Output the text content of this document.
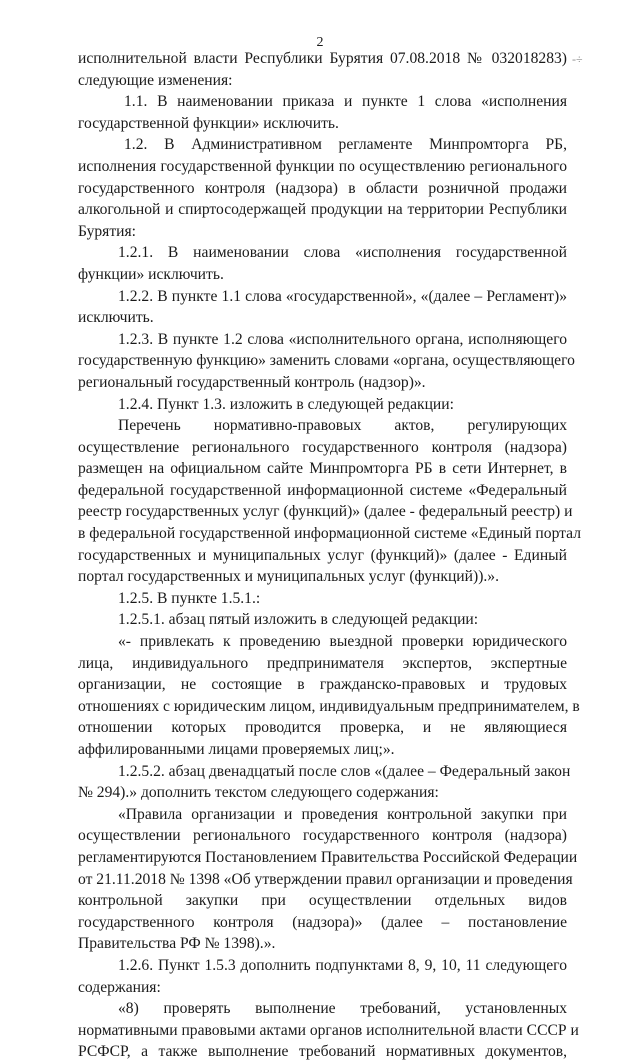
2
-÷
исполнительной власти Республики Бурятия 07.08.2018 № 032018283)
следующие изменения:
1.1. В наименовании приказа и пункте 1 слова «исполнения
государственной функции» исключить.
1.2. В Административном регламенте Минпромторга РБ,
исполнения государственной функции по осуществлению регионального
государственного контроля (надзора) в области розничной продажи
алкогольной и спиртосодержащей продукции на территории Республики
Бурятия:
1.2.1. В наименовании слова «исполнения государственной
функции» исключить.
1.2.2. В пункте 1.1 слова «государственной», «(далее – Регламент)»
исключить.
1.2.3. В пункте 1.2 слова «исполнительного органа, исполняющего
государственную функцию» заменить словами «органа, осуществляющего
региональный государственный контроль (надзор)».
1.2.4. Пункт 1.3. изложить в следующей редакции:
Перечень нормативно-правовых актов, регулирующих
осуществление регионального государственного контроля (надзора)
размещен на официальном сайте Минпромторга РБ в сети Интернет, в
федеральной государственной информационной системе «Федеральный
реестр государственных услуг (функций)» (далее - федеральный реестр) и
в федеральной государственной информационной системе «Единый портал
государственных и муниципальных услуг (функций)» (далее - Единый
портал государственных и муниципальных услуг (функций)).».
1.2.5. В пункте 1.5.1.:
1.2.5.1. абзац пятый изложить в следующей редакции:
«- привлекать к проведению выездной проверки юридического
лица, индивидуального предпринимателя экспертов, экспертные
организации, не состоящие в гражданско-правовых и трудовых
отношениях с юридическим лицом, индивидуальным предпринимателем, в
отношении которых проводится проверка, и не являющиеся
аффилированными лицами проверяемых лиц;».
1.2.5.2. абзац двенадцатый после слов «(далее – Федеральный закон
№ 294).» дополнить текстом следующего содержания:
«Правила организации и проведения контрольной закупки при
осуществлении регионального государственного контроля (надзора)
регламентируются Постановлением Правительства Российской Федерации
от 21.11.2018 № 1398 «Об утверждении правил организации и проведения
контрольной закупки при осуществлении отдельных видов
государственного контроля (надзора)» (далее – постановление
Правительства РФ № 1398).».
1.2.6. Пункт 1.5.3 дополнить подпунктами 8, 9, 10, 11 следующего
содержания:
«8) проверять выполнение требований, установленных
нормативными правовыми актами органов исполнительной власти СССР и
РСФСР, а также выполнение требований нормативных документов,
